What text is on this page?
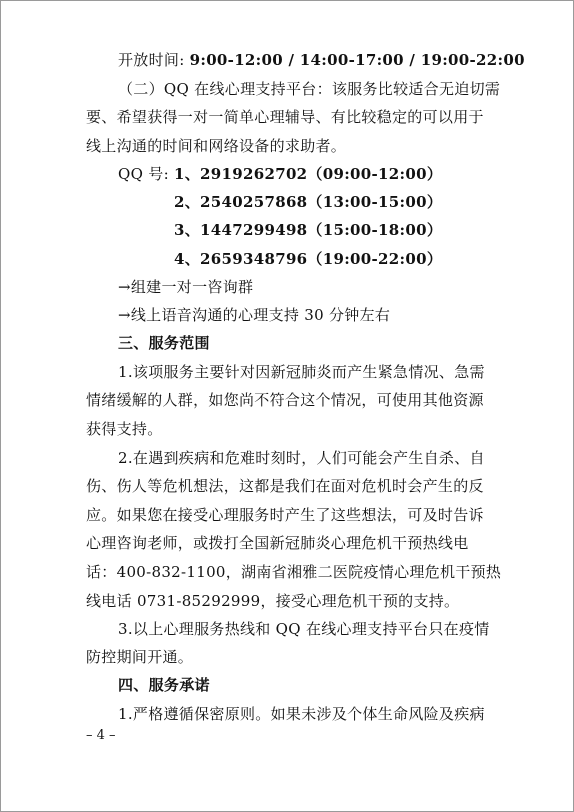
开放时间: 9:00-12:00 / 14:00-17:00 / 19:00-22:00
（二）QQ 在线心理支持平台：该服务比较适合无迫切需
要、希望获得一对一简单心理辅导、有比较稳定的可以用于
线上沟通的时间和网络设备的求助者。
QQ 号: 1、2919262702（09:00-12:00）
2、2540257868（13:00-15:00）
3、1447299498（15:00-18:00）
4、2659348796（19:00-22:00）
→组建一对一咨询群
→线上语音沟通的心理支持 30 分钟左右
三、服务范围
1.该项服务主要针对因新冠肺炎而产生紧急情况、急需
情绪缓解的人群，如您尚不符合这个情况，可使用其他资源
获得支持。
2.在遇到疾病和危难时刻时，人们可能会产生自杀、自
伤、伤人等危机想法，这都是我们在面对危机时会产生的反
应。如果您在接受心理服务时产生了这些想法，可及时告诉
心理咨询老师，或拨打全国新冠肺炎心理危机干预热线电
话：400-832-1100，湖南省湘雅二医院疫情心理危机干预热
线电话 0731-85292999，接受心理危机干预的支持。
3.以上心理服务热线和 QQ 在线心理支持平台只在疫情
防控期间开通。
四、服务承诺
– 4 –
1.严格遵循保密原则。如果未涉及个体生命风险及疾病
